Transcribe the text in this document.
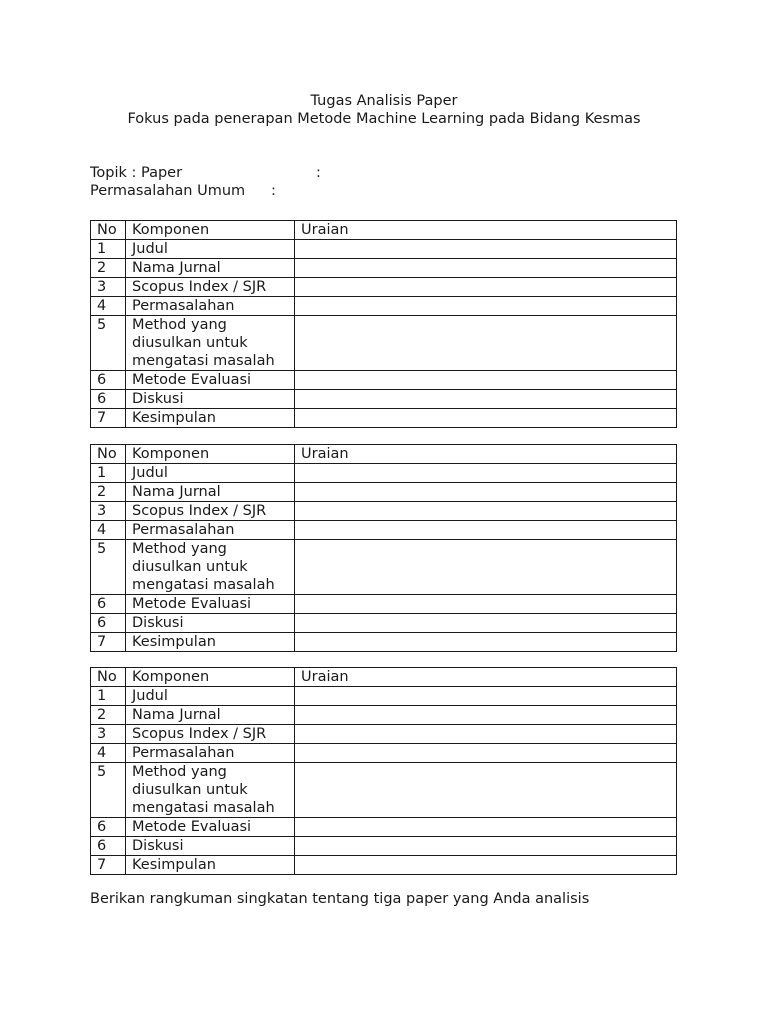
Tugas Analisis Paper
Fokus pada penerapan Metode Machine Learning pada Bidang Kesmas
Topik : Paper	:
Permasalahan Umum :
No	Komponen	Uraian
1	Judul	
2	Nama Jurnal	
3	Scopus Index / SJR	
4	Permasalahan	
5	Method yang
diusulkan untuk
mengatasi masalah	
6	Metode Evaluasi	
6	Diskusi	
7	Kesimpulan	
No	Komponen	Uraian
1	Judul	
2	Nama Jurnal	
3	Scopus Index / SJR	
4	Permasalahan	
5	Method yang
diusulkan untuk
mengatasi masalah	
6	Metode Evaluasi	
6	Diskusi	
7	Kesimpulan	
No	Komponen	Uraian
1	Judul	
2	Nama Jurnal	
3	Scopus Index / SJR	
4	Permasalahan	
5	Method yang
diusulkan untuk
mengatasi masalah	
6	Metode Evaluasi	
6	Diskusi	
7	Kesimpulan	
Berikan rangkuman singkatan tentang tiga paper yang Anda analisis
